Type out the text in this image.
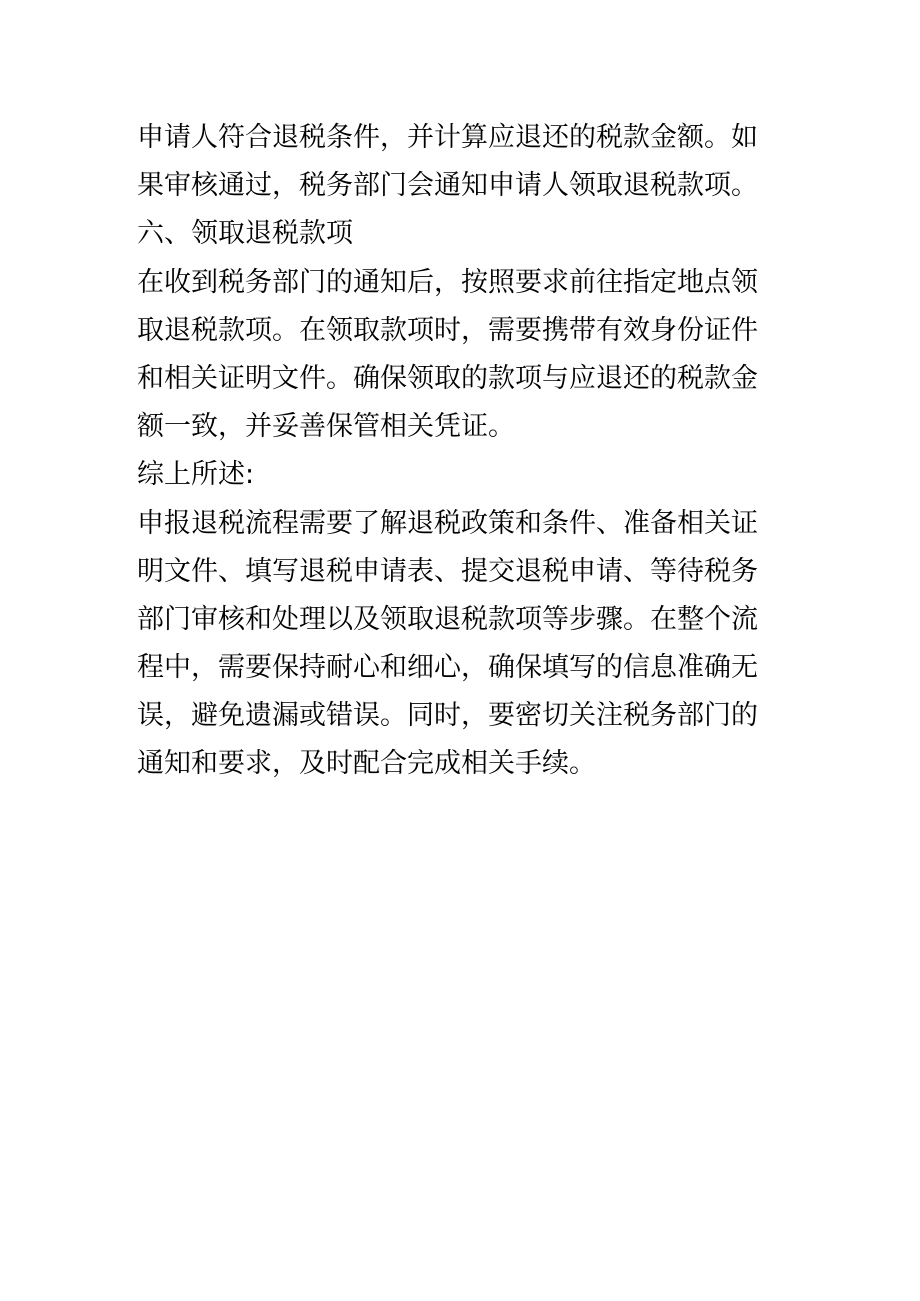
申请人符合退税条件，并计算应退还的税款金额。如
果审核通过，税务部门会通知申请人领取退税款项。

六、领取退税款项

在收到税务部门的通知后，按照要求前往指定地点领
取退税款项。在领取款项时，需要携带有效身份证件
和相关证明文件。确保领取的款项与应退还的税款金
额一致，并妥善保管相关凭证。

综上所述:

申报退税流程需要了解退税政策和条件、准备相关证
明文件、填写退税申请表、提交退税申请、等待税务
部门审核和处理以及领取退税款项等步骤。在整个流
程中，需要保持耐心和细心，确保填写的信息准确无
误，避免遗漏或错误。同时，要密切关注税务部门的
通知和要求，及时配合完成相关手续。
